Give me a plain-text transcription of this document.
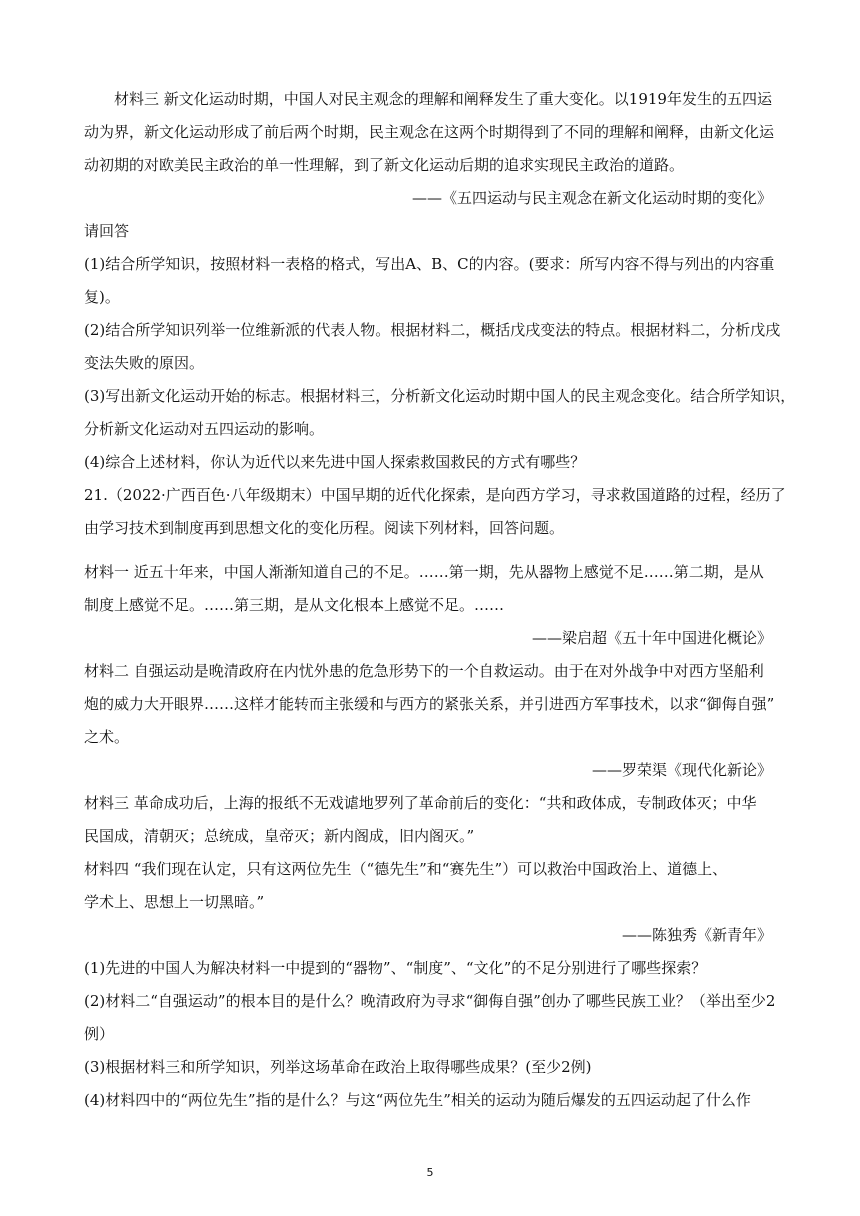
材料三 新文化运动时期，中国人对民主观念的理解和阐释发生了重大变化。以1919年发生的五四运
动为界，新文化运动形成了前后两个时期，民主观念在这两个时期得到了不同的理解和阐释，由新文化运
动初期的对欧美民主政治的单一性理解，到了新文化运动后期的追求实现民主政治的道路。
——《五四运动与民主观念在新文化运动时期的变化》
请回答
(1)结合所学知识，按照材料一表格的格式，写出A、B、C的内容。(要求：所写内容不得与列出的内容重
复)。
(2)结合所学知识列举一位维新派的代表人物。根据材料二，概括戊戌变法的特点。根据材料二，分析戊戌
变法失败的原因。
(3)写出新文化运动开始的标志。根据材料三，分析新文化运动时期中国人的民主观念变化。结合所学知识，
分析新文化运动对五四运动的影响。
(4)综合上述材料，你认为近代以来先进中国人探索救国救民的方式有哪些？
21.（2022·广西百色·八年级期末）中国早期的近代化探索，是向西方学习，寻求救国道路的过程，经历了
由学习技术到制度再到思想文化的变化历程。阅读下列材料，回答问题。
材料一 近五十年来，中国人渐渐知道自己的不足。……第一期，先从器物上感觉不足……第二期，是从
制度上感觉不足。……第三期，是从文化根本上感觉不足。……
——梁启超《五十年中国进化概论》
材料二 自强运动是晚清政府在内忧外患的危急形势下的一个自救运动。由于在对外战争中对西方坚船利
炮的威力大开眼界……这样才能转而主张缓和与西方的紧张关系，并引进西方军事技术，以求“御侮自强”
之术。
——罗荣渠《现代化新论》
材料三 革命成功后，上海的报纸不无戏谑地罗列了革命前后的变化：“共和政体成，专制政体灭；中华
民国成，清朝灭；总统成，皇帝灭；新内阁成，旧内阁灭。”
材料四 “我们现在认定，只有这两位先生（“德先生”和“赛先生”）可以救治中国政治上、道德上、
学术上、思想上一切黑暗。”
——陈独秀《新青年》
(1)先进的中国人为解决材料一中提到的“器物”、“制度”、“文化”的不足分别进行了哪些探索？
(2)材料二“自强运动”的根本目的是什么？晚清政府为寻求“御侮自强”创办了哪些民族工业？（举出至少2
例）
(3)根据材料三和所学知识，列举这场革命在政治上取得哪些成果？(至少2例)
(4)材料四中的“两位先生”指的是什么？与这“两位先生”相关的运动为随后爆发的五四运动起了什么作
5
